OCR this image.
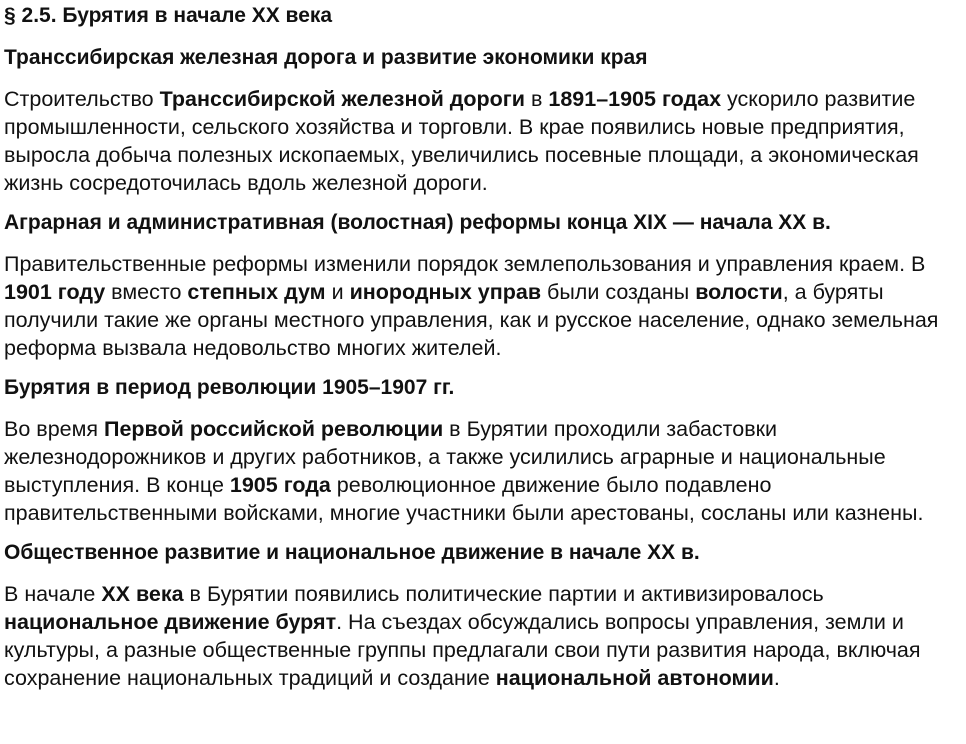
§ 2.5. Бурятия в начале XX века
Транссибирская железная дорога и развитие экономики края

Строительство Транссибирской железной дороги в 1891–1905 годах ускорило развитие промышленности, сельского хозяйства и торговли. В крае появились новые предприятия, выросла добыча полезных ископаемых, увеличились посевные площади, а экономическая жизнь сосредоточилась вдоль железной дороги.

Аграрная и административная (волостная) реформы конца XIX — начала XX в.

Правительственные реформы изменили порядок землепользования и управления краем. В 1901 году вместо степных дум и инородных управ были созданы волости, а буряты получили такие же органы местного управления, как и русское население, однако земельная реформа вызвала недовольство многих жителей.

Бурятия в период революции 1905–1907 гг.

Во время Первой российской революции в Бурятии проходили забастовки железнодорожников и других работников, а также усилились аграрные и национальные выступления. В конце 1905 года революционное движение было подавлено правительственными войсками, многие участники были арестованы, сосланы или казнены.

Общественное развитие и национальное движение в начале XX в.

В начале XX века в Бурятии появились политические партии и активизировалось национальное движение бурят. На съездах обсуждались вопросы управления, земли и культуры, а разные общественные группы предлагали свои пути развития народа, включая сохранение национальных традиций и создание национальной автономии.
